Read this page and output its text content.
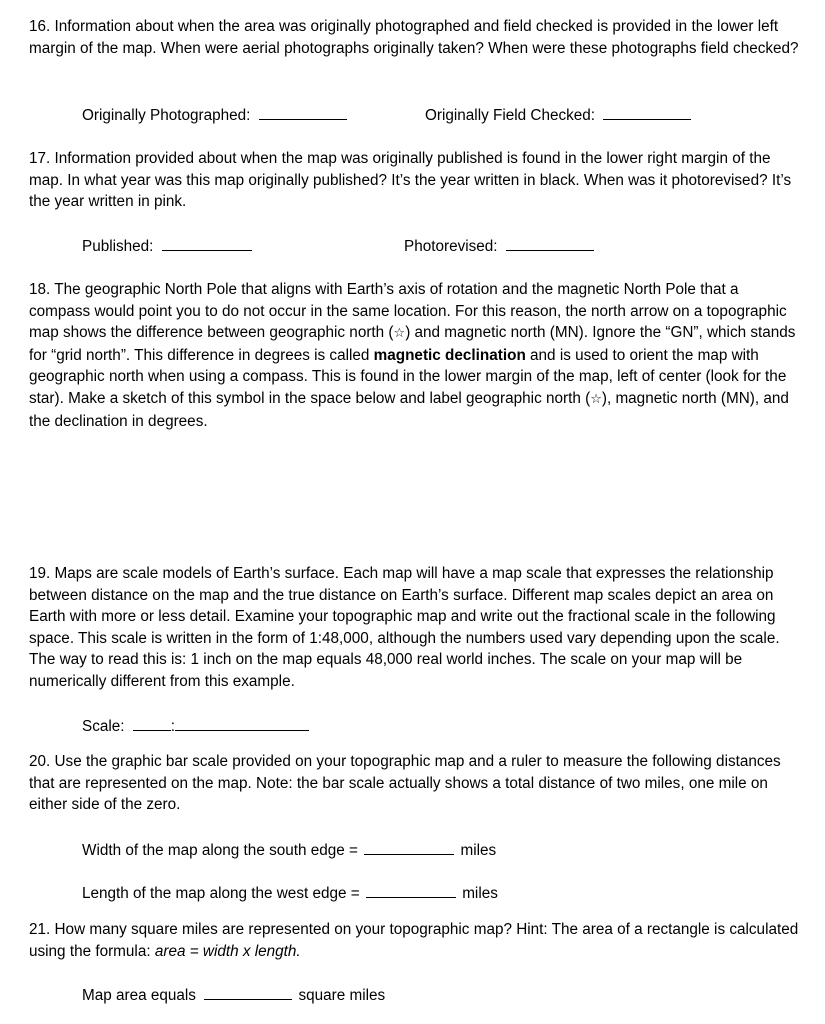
16. Information about when the area was originally photographed and field checked is provided in the lower left margin of the map. When were aerial photographs originally taken? When were these photographs field checked?

Originally Photographed:	Originally Field Checked:

17. Information provided about when the map was originally published is found in the lower right margin of the map. In what year was this map originally published? It’s the year written in black. When was it photorevised? It’s the year written in pink.

Published:	Photorevised:

18. The geographic North Pole that aligns with Earth’s axis of rotation and the magnetic North Pole that a compass would point you to do not occur in the same location. For this reason, the north arrow on a topographic map shows the difference between geographic north (☆) and magnetic north (MN). Ignore the “GN”, which stands for “grid north”. This difference in degrees is called magnetic declination and is used to orient the map with geographic north when using a compass. This is found in the lower margin of the map, left of center (look for the star). Make a sketch of this symbol in the space below and label geographic north (☆), magnetic north (MN), and the declination in degrees.

19. Maps are scale models of Earth’s surface. Each map will have a map scale that expresses the relationship between distance on the map and the true distance on Earth’s surface. Different map scales depict an area on Earth with more or less detail. Examine your topographic map and write out the fractional scale in the following space. This scale is written in the form of 1:48,000, although the numbers used vary depending upon the scale. The way to read this is: 1 inch on the map equals 48,000 real world inches. The scale on your map will be numerically different from this example.

Scale:	:

20. Use the graphic bar scale provided on your topographic map and a ruler to measure the following distances that are represented on the map. Note: the bar scale actually shows a total distance of two miles, one mile on either side of the zero.

Width of the map along the south edge =	miles
Length of the map along the west edge =	miles

21. How many square miles are represented on your topographic map? Hint: The area of a rectangle is calculated using the formula: area = width x length.

Map area equals	square miles
